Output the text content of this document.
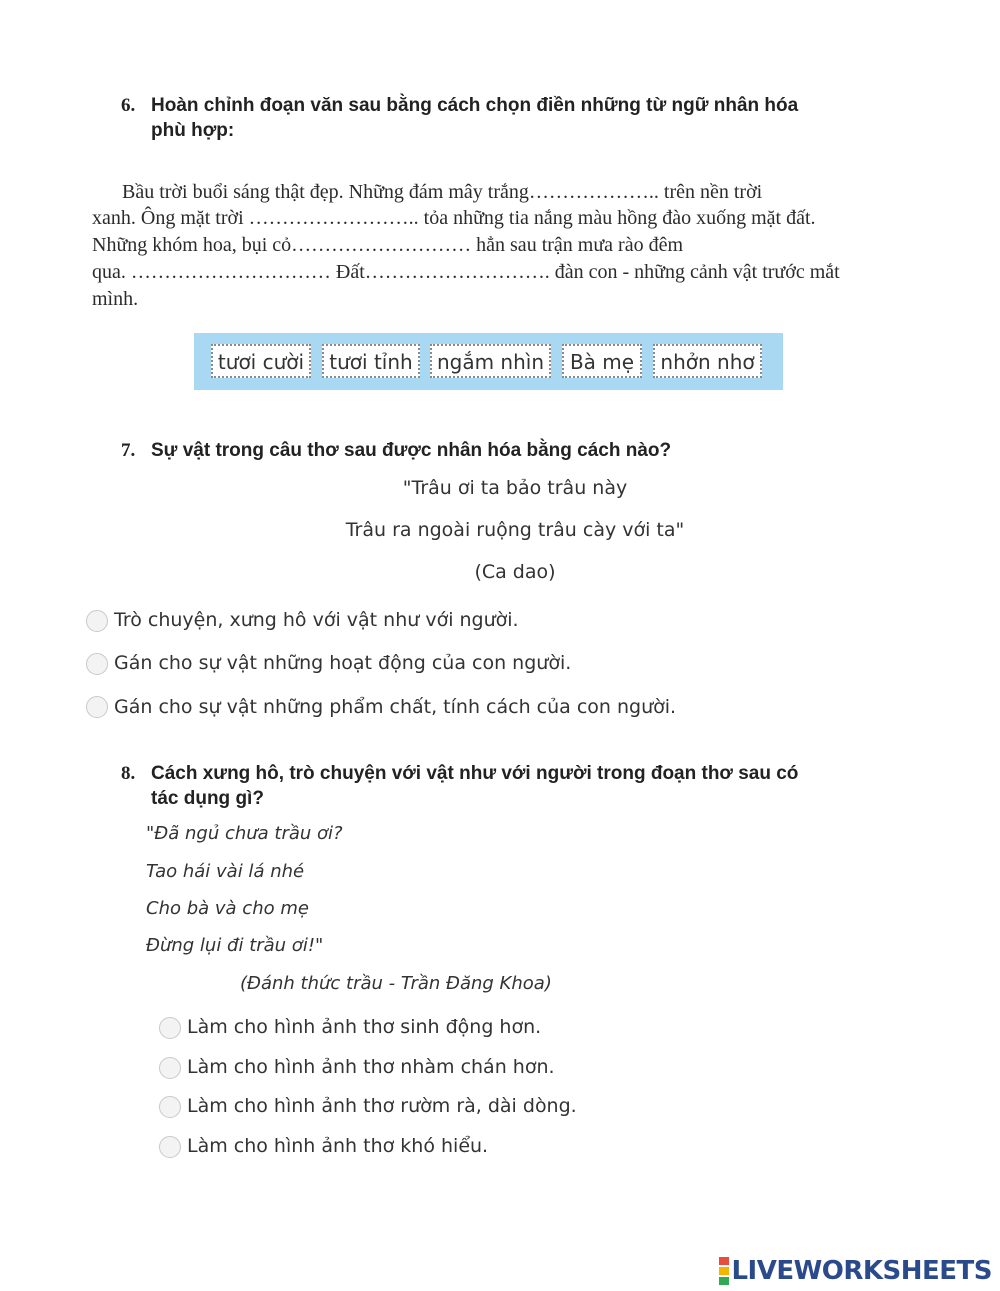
6. Hoàn chỉnh đoạn văn sau bằng cách chọn điền những từ ngữ nhân hóa
phù hợp:
Bầu trời buổi sáng thật đẹp. Những đám mây trắng……………….. trên nền trời
xanh. Ông mặt trời …………………….. tỏa những tia nắng màu hồng đào xuống mặt đất.
Những khóm hoa, bụi cỏ……………………… hẳn sau trận mưa rào đêm
qua. ………………………… Đất………………………. đàn con - những cảnh vật trước mắt
mình.
tươi cười	tươi tỉnh	ngắm nhìn	Bà mẹ	nhởn nhơ
7. Sự vật trong câu thơ sau được nhân hóa bằng cách nào?
"Trâu ơi ta bảo trâu này
Trâu ra ngoài ruộng trâu cày với ta"
(Ca dao)
Trò chuyện, xưng hô với vật như với người.
Gán cho sự vật những hoạt động của con người.
Gán cho sự vật những phẩm chất, tính cách của con người.
8. Cách xưng hô, trò chuyện với vật như với người trong đoạn thơ sau có
tác dụng gì?
"Đã ngủ chưa trầu ơi?
Tao hái vài lá nhé
Cho bà và cho mẹ
Đừng lụi đi trầu ơi!"
(Đánh thức trầu - Trần Đăng Khoa)
Làm cho hình ảnh thơ sinh động hơn.
Làm cho hình ảnh thơ nhàm chán hơn.
Làm cho hình ảnh thơ rườm rà, dài dòng.
Làm cho hình ảnh thơ khó hiểu.
LIVEWORKSHEETS
